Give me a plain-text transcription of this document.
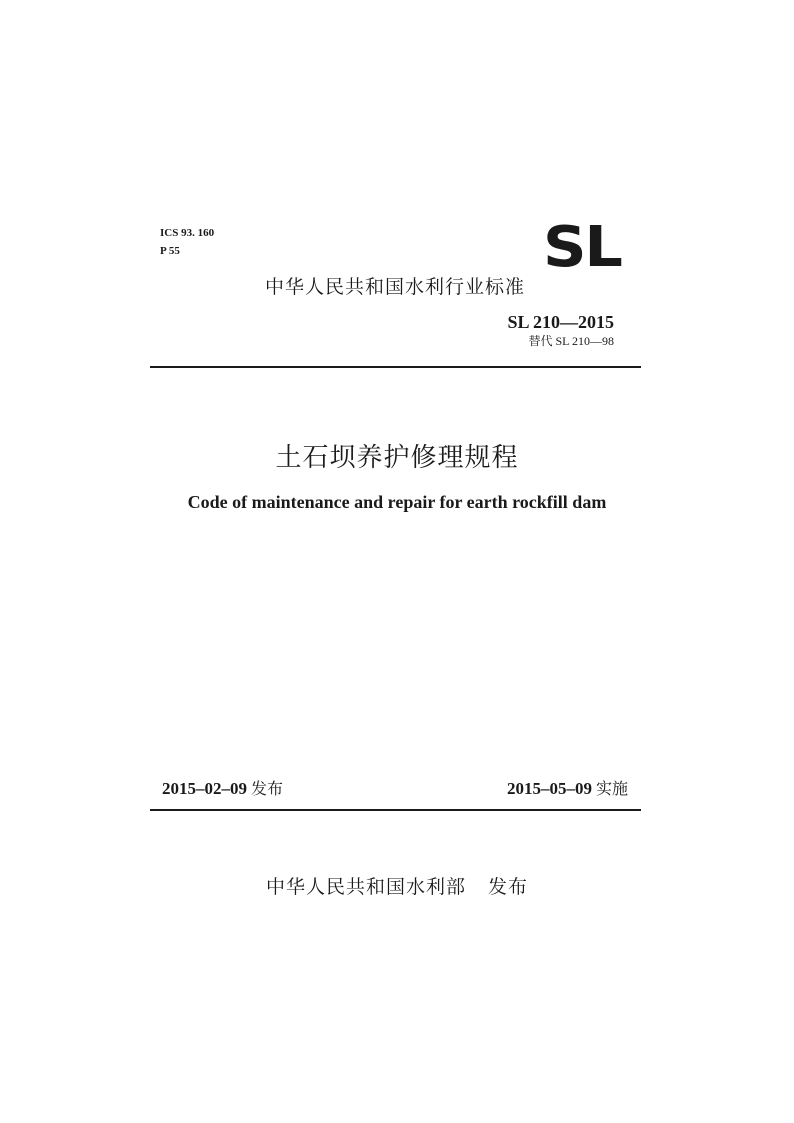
ICS 93. 160
P 55	SL
中华人民共和国水利行业标准
SL 210—2015
替代 SL 210—98
土石坝养护修理规程
Code of maintenance and repair for earth rockfill dam
2015–02–09 发布	2015–05–09 实施
中华人民共和国水利部 发布
